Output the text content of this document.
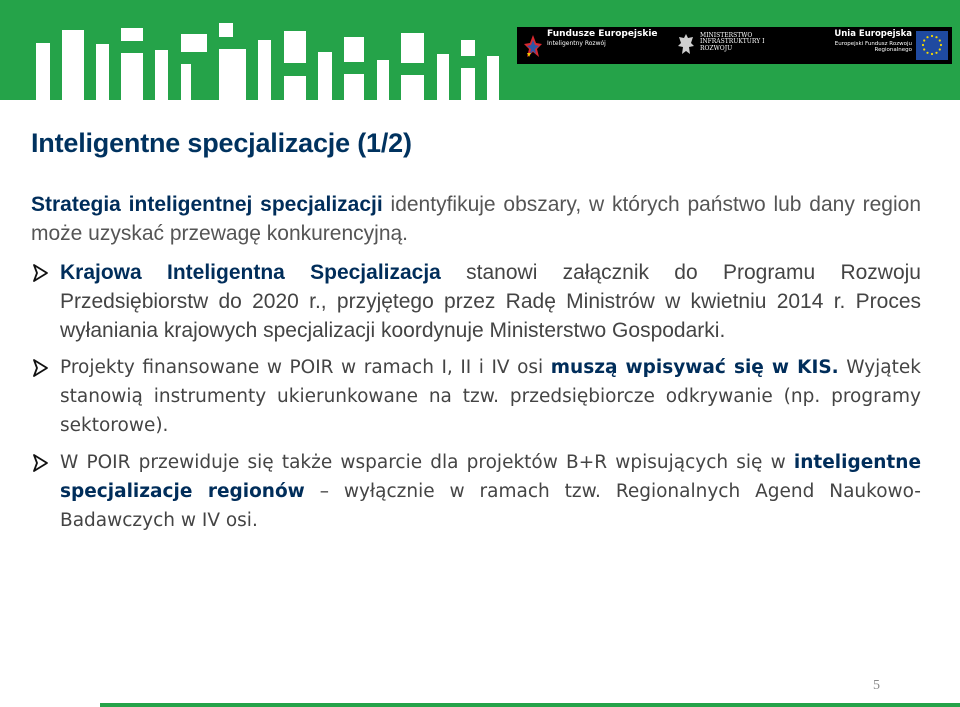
Fundusze Europejskie
Inteligentny Rozwój
MINISTERSTWO INFRASTRUKTURY I ROZWOJU
Unia Europejska
Europejski Fundusz Rozwoju Regionalnego
Inteligentne specjalizacje (1/2)
Strategia inteligentnej specjalizacji identyfikuje obszary, w których państwo lub dany region może uzyskać przewagę konkurencyjną.
Krajowa Inteligentna Specjalizacja stanowi załącznik do Programu Rozwoju Przedsiębiorstw do 2020 r., przyjętego przez Radę Ministrów w kwietniu 2014 r. Proces wyłaniania krajowych specjalizacji koordynuje Ministerstwo Gospodarki.
Projekty finansowane w POIR w ramach I, II i IV osi muszą wpisywać się w KIS. Wyjątek stanowią instrumenty ukierunkowane na tzw. przedsiębiorcze odkrywanie (np. programy sektorowe).
W POIR przewiduje się także wsparcie dla projektów B+R wpisujących się w inteligentne specjalizacje regionów – wyłącznie w ramach tzw. Regionalnych Agend Naukowo-Badawczych w IV osi.
5
